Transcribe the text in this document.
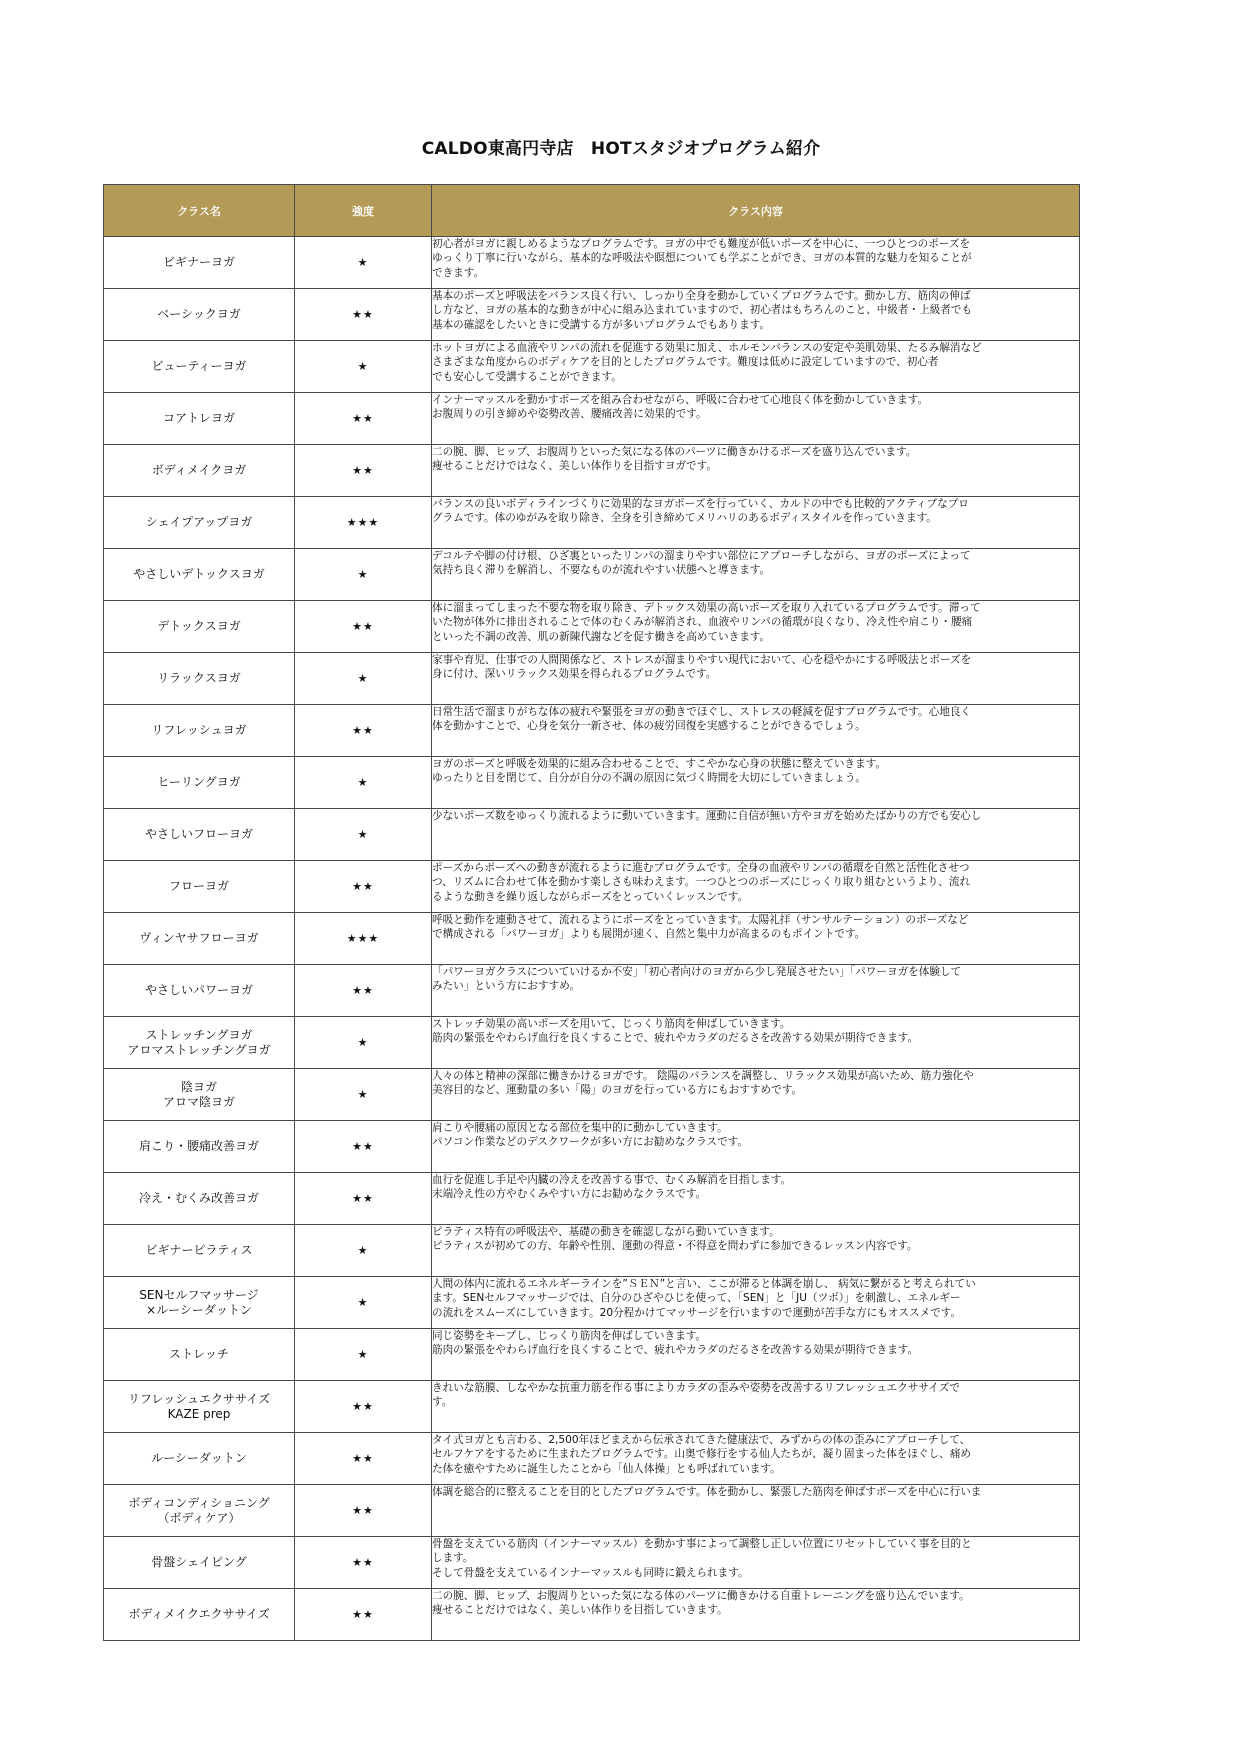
CALDO東高円寺店　HOTスタジオプログラム紹介
クラス名	強度	クラス内容
ビギナーヨガ	★	初心者がヨガに親しめるようなプログラムです。ヨガの中でも難度が低いポーズを中心に、一つひとつのポーズを
ゆっくり丁寧に行いながら、基本的な呼吸法や瞑想についても学ぶことができ、ヨガの本質的な魅力を知ることが
できます。

ベーシックヨガ	★★	基本のポーズと呼吸法をバランス良く行い、しっかり全身を動かしていくプログラムです。動かし方、筋肉の伸ば
し方など、ヨガの基本的な動きが中心に組み込まれていますので、初心者はもちろんのこと、中級者・上級者でも
基本の確認をしたいときに受講する方が多いプログラムでもあります。

ビューティーヨガ	★	ホットヨガによる血液やリンパの流れを促進する効果に加え、ホルモンバランスの安定や美肌効果、たるみ解消など
さまざまな角度からのボディケアを目的としたプログラムです。難度は低めに設定していますので、初心者
でも安心して受講することができます。

コアトレヨガ	★★	インナーマッスルを動かすポーズを組み合わせながら、呼吸に合わせて心地良く体を動かしていきます。
お腹周りの引き締めや姿勢改善、腰痛改善に効果的です。

ボディメイクヨガ	★★	二の腕、脚、ヒップ、お腹周りといった気になる体のパーツに働きかけるポーズを盛り込んでいます。
痩せることだけではなく、美しい体作りを目指すヨガです。

シェイプアップヨガ	★★★	バランスの良いボディラインづくりに効果的なヨガポーズを行っていく、カルドの中でも比較的アクティブなプロ
グラムです。体のゆがみを取り除き、全身を引き締めてメリハリのあるボディスタイルを作っていきます。

やさしいデトックスヨガ	★	デコルテや脚の付け根、ひざ裏といったリンパの溜まりやすい部位にアプローチしながら、ヨガのポーズによって
気持ち良く滞りを解消し、不要なものが流れやすい状態へと導きます。

デトックスヨガ	★★	体に溜まってしまった不要な物を取り除き、デトックス効果の高いポーズを取り入れているプログラムです。滞って
いた物が体外に排出されることで体のむくみが解消され、血液やリンパの循環が良くなり、冷え性や肩こり・腰痛
といった不調の改善、肌の新陳代謝などを促す働きを高めていきます。

リラックスヨガ	★	家事や育児、仕事での人間関係など、ストレスが溜まりやすい現代において、心を穏やかにする呼吸法とポーズを
身に付け、深いリラックス効果を得られるプログラムです。

リフレッシュヨガ	★★	日常生活で溜まりがちな体の疲れや緊張をヨガの動きでほぐし、ストレスの軽減を促すプログラムです。心地良く
体を動かすことで、心身を気分一新させ、体の疲労回復を実感することができるでしょう。

ヒーリングヨガ	★	ヨガのポーズと呼吸を効果的に組み合わせることで、すこやかな心身の状態に整えていきます。
ゆったりと目を閉じて、自分が自分の不調の原因に気づく時間を大切にしていきましょう。

やさしいフローヨガ	★	少ないポーズ数をゆっくり流れるように動いていきます。運動に自信が無い方やヨガを始めたばかりの方でも安心し

フローヨガ	★★	ポーズからポーズへの動きが流れるように進むプログラムです。全身の血液やリンパの循環を自然と活性化させつ
つ、リズムに合わせて体を動かす楽しさも味わえます。一つひとつのポーズにじっくり取り組むというより、流れ
るような動きを繰り返しながらポーズをとっていくレッスンです。

ヴィンヤサフローヨガ	★★★	呼吸と動作を連動させて、流れるようにポーズをとっていきます。太陽礼拝（サンサルテーション）のポーズなど
で構成される「パワーヨガ」よりも展開が速く、自然と集中力が高まるのもポイントです。

やさしいパワーヨガ	★★	「パワーヨガクラスについていけるか不安」「初心者向けのヨガから少し発展させたい」「パワーヨガを体験して
みたい」という方におすすめ。

ストレッチングヨガ
アロマストレッチングヨガ	★	ストレッチ効果の高いポーズを用いて、じっくり筋肉を伸ばしていきます。
筋肉の緊張をやわらげ血行を良くすることで、疲れやカラダのだるさを改善する効果が期待できます。

陰ヨガ
アロマ陰ヨガ	★	人々の体と精神の深部に働きかけるヨガです。 陰陽のバランスを調整し、リラックス効果が高いため、筋力強化や
美容目的など、運動量の多い「陽」のヨガを行っている方にもおすすめです。

肩こり・腰痛改善ヨガ	★★	肩こりや腰痛の原因となる部位を集中的に動かしていきます。
パソコン作業などのデスクワークが多い方にお勧めなクラスです。

冷え・むくみ改善ヨガ	★★	血行を促進し手足や内臓の冷えを改善する事で、むくみ解消を目指します。
末端冷え性の方やむくみやすい方にお勧めなクラスです。

ビギナーピラティス	★	ピラティス特有の呼吸法や、基礎の動きを確認しながら動いていきます。
ピラティスが初めての方、年齢や性別、運動の得意・不得意を問わずに参加できるレッスン内容です。

SENセルフマッサージ
×ルーシーダットン	★	人間の体内に流れるエネルギーラインを”ＳＥＮ”と言い、ここが滞ると体調を崩し、 病気に繋がると考えられてい
ます。SENセルフマッサージでは、自分のひざやひじを使って、「SEN」と「JU（ツボ）」を刺激し、エネルギー
の流れをスムーズにしていきます。20分程かけてマッサージを行いますので運動が苦手な方にもオススメです。

ストレッチ	★	同じ姿勢をキープし、じっくり筋肉を伸ばしていきます。
筋肉の緊張をやわらげ血行を良くすることで、疲れやカラダのだるさを改善する効果が期待できます。

リフレッシュエクササイズ
KAZE prep	★★	きれいな筋膜、しなやかな抗重力筋を作る事によりカラダの歪みや姿勢を改善するリフレッシュエクササイズで
す。

ルーシーダットン	★★	タイ式ヨガとも言わる、2,500年ほどまえから伝承されてきた健康法で、みずからの体の歪みにアプローチして、
セルフケアをするために生まれたプログラムです。山奥で修行をする仙人たちが、凝り固まった体をほぐし、痛め
た体を癒やすために誕生したことから「仙人体操」とも呼ばれています。

ボディコンディショニング
（ボディケア）	★★	体調を総合的に整えることを目的としたプログラムです。体を動かし、緊張した筋肉を伸ばすポーズを中心に行いま

骨盤シェイピング	★★	骨盤を支えている筋肉（インナーマッスル）を動かす事によって調整し正しい位置にリセットしていく事を目的と
します。
そして骨盤を支えているインナーマッスルも同時に鍛えられます。

ボディメイクエクササイズ	★★	二の腕、脚、ヒップ、お腹周りといった気になる体のパーツに働きかける自重トレーニングを盛り込んでいます。
痩せることだけではなく、美しい体作りを目指していきます。
